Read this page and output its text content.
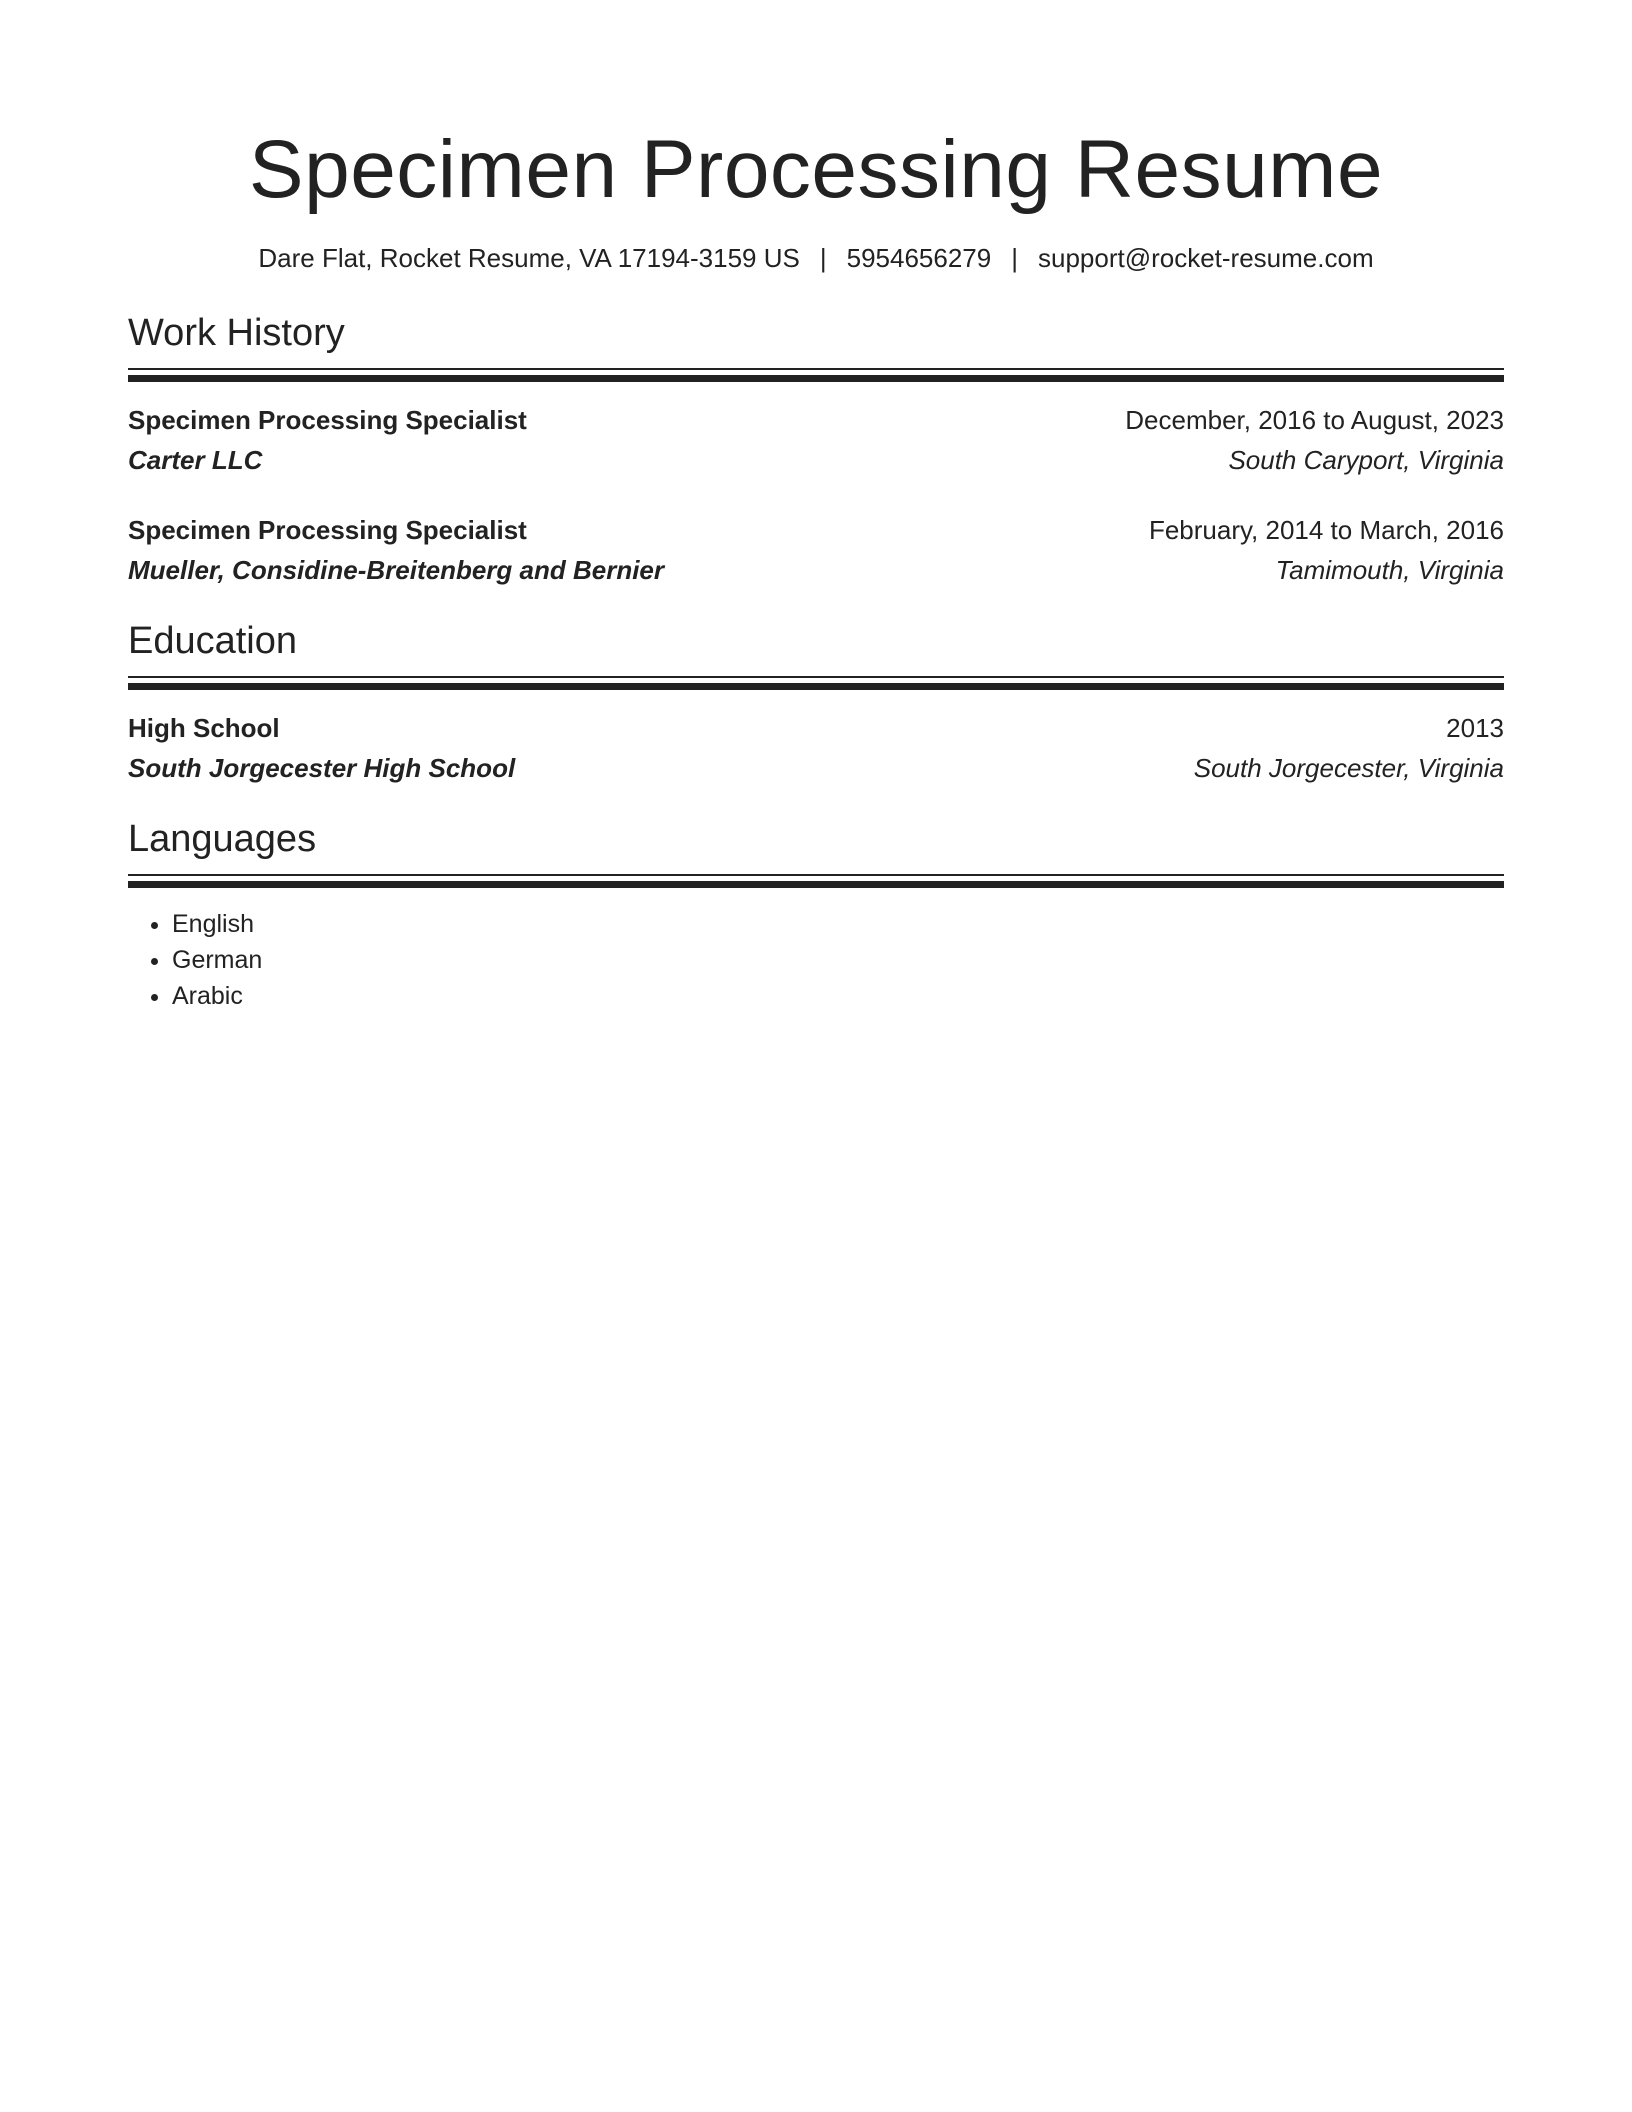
Specimen Processing Resume
Dare Flat, Rocket Resume, VA 17194-3159 US | 5954656279 | support@rocket-resume.com
Work History
Specimen Processing Specialist	December, 2016 to August, 2023
Carter LLC	South Caryport, Virginia
Specimen Processing Specialist	February, 2014 to March, 2016
Mueller, Considine-Breitenberg and Bernier	Tamimouth, Virginia
Education
High School	2013
South Jorgecester High School	South Jorgecester, Virginia
Languages
• English
• German
• Arabic
